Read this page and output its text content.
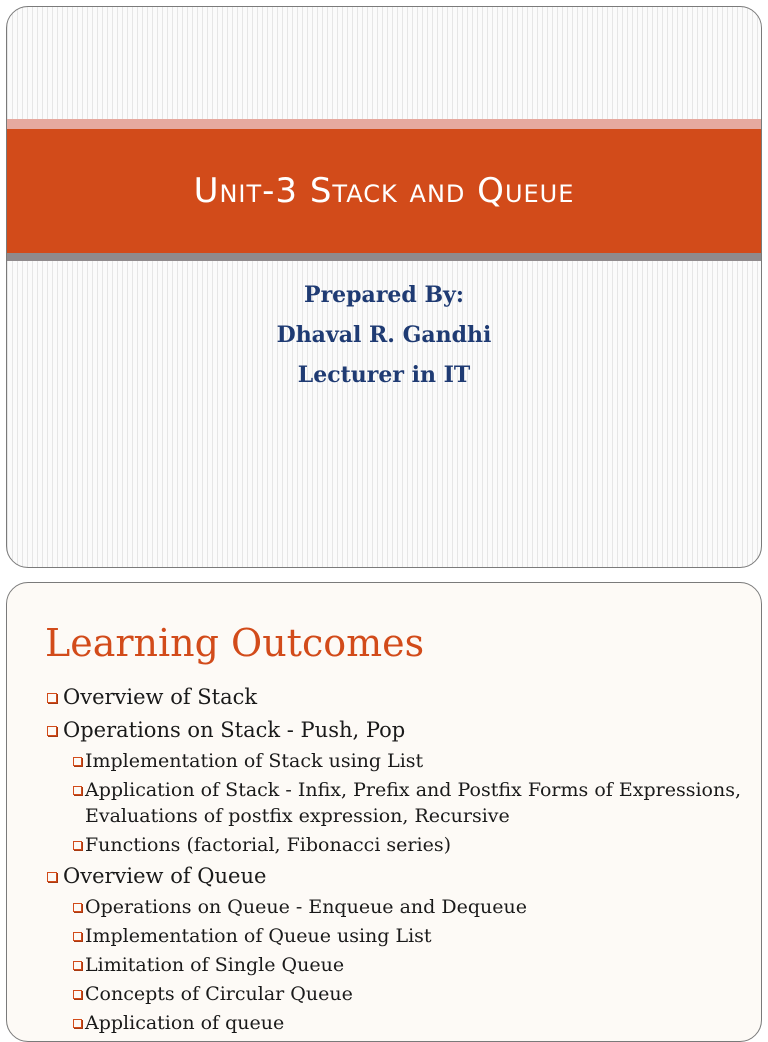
Unit-3 Stack and Queue
Prepared By:
Dhaval R. Gandhi
Lecturer in IT
Learning Outcomes
Overview of Stack
Operations on Stack - Push, Pop
Implementation of Stack using List
Application of Stack - Infix, Prefix and Postfix Forms of Expressions, Evaluations of postfix expression, Recursive
Functions (factorial, Fibonacci series)
Overview of Queue
Operations on Queue - Enqueue and Dequeue
Implementation of Queue using List
Limitation of Single Queue
Concepts of Circular Queue
Application of queue
